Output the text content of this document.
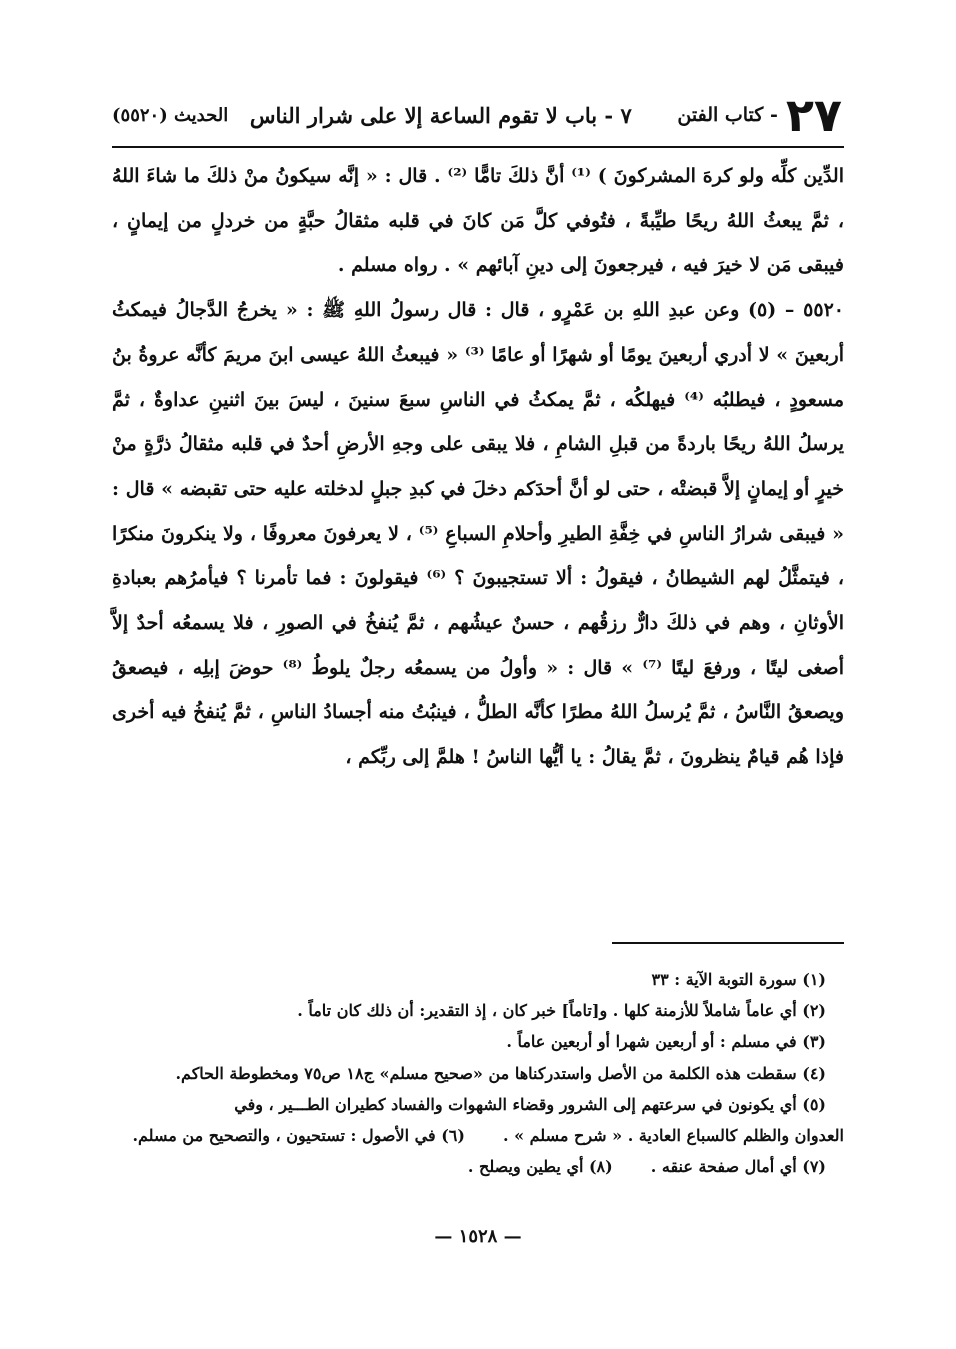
٢٧
- كتاب الفتن
٧ - باب لا تقوم الساعة إلا على شرار الناس
الحديث (٥٥٢٠)

الدِّين كلِّه ولو كرهَ المشركونَ ) ⁽¹⁾ أنَّ ذلكَ تامًّا ⁽²⁾ . قال : « إنَّه سيكونُ منْ ذلكَ ما شاءَ اللهُ ، ثمَّ يبعثُ اللهُ ريحًا طيِّبةً ، فتُوفي كلَّ مَن كانَ في قلبه مثقالُ حبَّةٍ من خردلٍ من إيمانٍ ، فيبقى مَن لا خيرَ فيه ، فيرجعونَ إلى دينِ آبائهم » . رواه مسلم .

٥٥٢٠ – (٥) وعن عبدِ اللهِ بن عَمْرٍو ، قال : قال رسولُ اللهِ ﷺ : « يخرجُ الدَّجالُ فيمكثُ أربعينَ » لا أدري أربعينَ يومًا أو شهرًا أو عامًا ⁽³⁾ « فيبعثُ اللهُ عيسى ابنَ مريمَ كأنَّه عروةُ بنُ مسعودٍ ، فيطلبُه ⁽⁴⁾ فيهلكُه ، ثمَّ يمكثُ في الناسِ سبعَ سنينَ ، ليسَ بينَ اثنينِ عداوةٌ ، ثمَّ يرسلُ اللهُ ريحًا باردةً من قبلِ الشامِ ، فلا يبقى على وجهِ الأرضِ أحدٌ في قلبه مثقالُ ذرَّةٍ منْ خيرٍ أو إيمانٍ إلاَّ قبضتْه ، حتى لو أنَّ أحدَكم دخلَ في كبدِ جبلٍ لدخلته عليه حتى تقبضه » قال : « فيبقى شرارُ الناسِ في خِفَّةِ الطيرِ وأحلامِ السباعِ ⁽⁵⁾ ، لا يعرفونَ معروفًا ، ولا ينكرونَ منكرًا ، فيتمثَّلُ لهم الشيطانُ ، فيقولُ : ألا تستجيبونَ ؟ ⁽⁶⁾ فيقولونَ : فما تأمرنا ؟ فيأمرُهم بعبادةِ الأوثانِ ، وهم في ذلكَ دارٌّ رزقُهم ، حسنٌ عيشُهم ، ثمَّ يُنفخُ في الصورِ ، فلا يسمعُه أحدٌ إلاَّ أصغى ليتًا ، ورفعَ ليتًا ⁽⁷⁾ » قال : « وأولُ من يسمعُه رجلٌ يلوطُ ⁽⁸⁾ حوضَ إبلِه ، فيصعقُ ويصعقُ النَّاسُ ، ثمَّ يُرسلُ اللهُ مطرًا كأنَّه الطلُّ ، فينبُتُ منه أجسادُ الناسِ ، ثمَّ يُنفخُ فيه أخرى فإذا هُم قيامٌ ينظرونَ ، ثمَّ يقالُ : يا أيُّها الناسُ ! هلمَّ إلى ربِّكم ،

(١) سورة التوبة الآية : ٣٣
(٢) أي عاماً شاملاً للأزمنة كلها . و[تاماً] خبر كان ، إذ التقدير: أن ذلك كان تاماً .
(٣) في مسلم : أو أربعين شهرا أو أربعين عاماً .
(٤) سقطت هذه الكلمة من الأصل واستدركناها من «صحيح مسلم» ج١٨ ص٧٥ ومخطوطة الحاكم.
(٥) أي يكونون في سرعتهم إلى الشرور وقضاء الشهوات والفساد كطيران الطـــير ، وفي
العدوان والظلم كالسباع العادية . « شرح مسلم » .
(٦) في الأصول : تستحيون ، والتصحيح من مسلم.
(٧) أي أمال صفحة عنقه .
(٨) أي يطين ويصلح .
— ١٥٢٨ —
